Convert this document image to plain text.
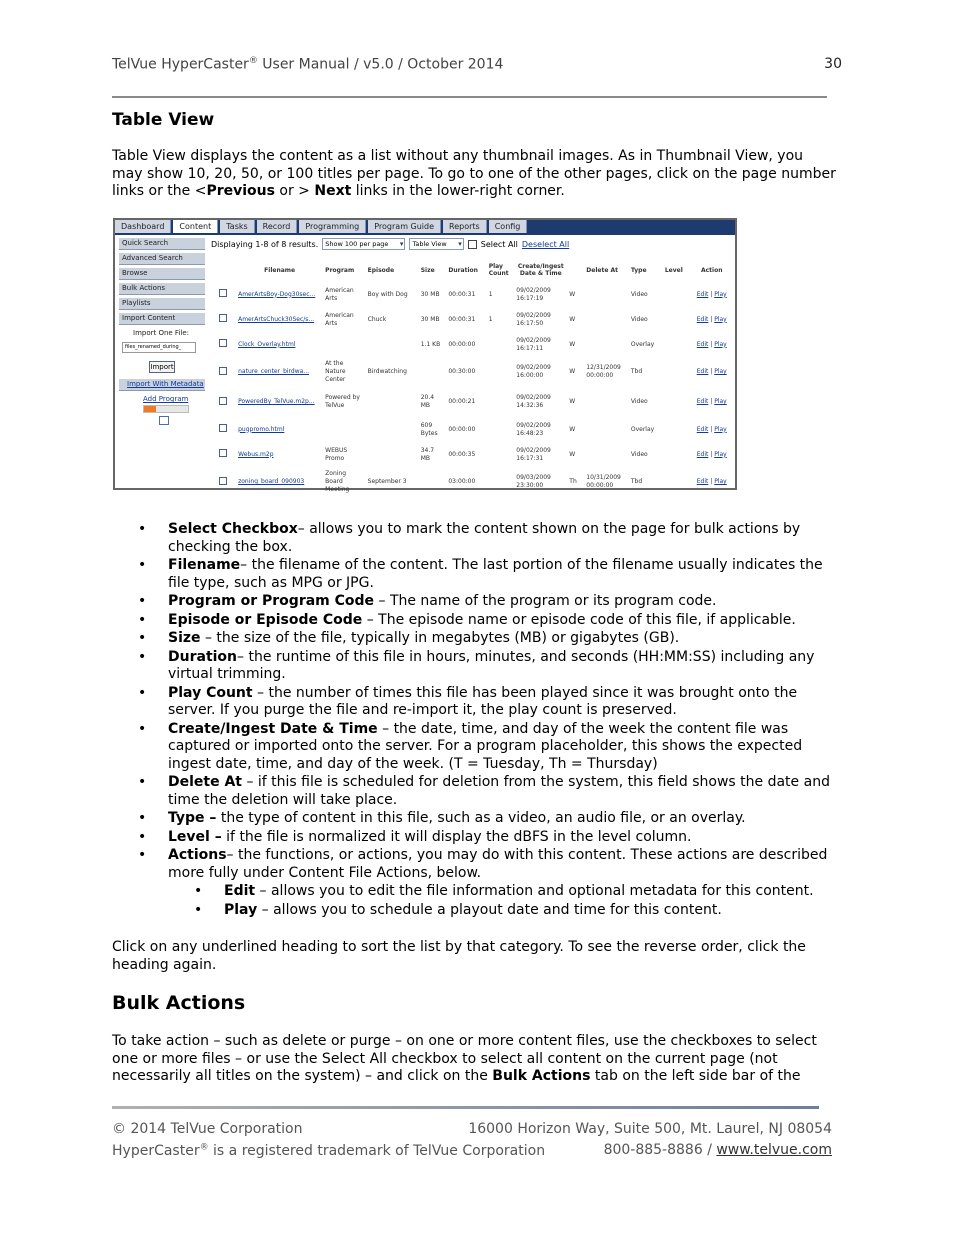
TelVue HyperCaster® User Manual / v5.0 / October 2014	30
Table View

Table View displays the content as a list without any thumbnail images. As in Thumbnail View, you may show 10, 20, 50, or 100 titles per page. To go to one of the other pages, click on the page number links or the <Previous or > Next links in the lower-right corner.

Dashboard	Content	Tasks	Record	Programming	Program Guide	Reports	Config
Quick Search
Advanced Search
Browse
Bulk Actions
Playlists
Import Content
Import One File:
files_renamed_during_
Import
Import With Metadata
Add Program
Displaying 1-8 of 8 results.	Show 100 per page ▾	Table View ▾	Select All Deselect All
	Filename	Program	Episode	Size	Duration	Play Count	Create/Ingest Date & Time		Delete At	Type	Level	Action
	AmerArtsBoy-Dog30sec...	American Arts	Boy with Dog	30 MB	00:00:31	1	09/02/2009 16:17:19	W		Video		Edit | Play
	AmerArtsChuck30Sec/s...	American Arts	Chuck	30 MB	00:00:31	1	09/02/2009 16:17:50	W		Video		Edit | Play
	Clock_Overlay.html			1.1 KB	00:00:00		09/02/2009 16:17:11	W		Overlay		Edit | Play
	nature_center_birdwa...	At the Nature Center	Birdwatching		00:30:00		09/02/2009 16:00:00	W	12/31/2009 00:00:00	Tbd		Edit | Play
	PoweredBy_TelVue.m2p...	Powered by TelVue		20.4 MB	00:00:21		09/02/2009 14:32:36	W		Video		Edit | Play
	pugpromo.html			609 Bytes	00:00:00		09/02/2009 16:48:23	W		Overlay		Edit | Play
	Webus.m2p	WEBUS Promo		34.7 MB	00:00:35		09/02/2009 16:17:31	W		Video		Edit | Play
	zoning_board_090903	Zoning Board Meeting	September 3		03:00:00		09/03/2009 23:30:00	Th	10/31/2009 00:00:00	Tbd		Edit | Play
• Select Checkbox– allows you to mark the content shown on the page for bulk actions by checking the box.
• Filename– the filename of the content. The last portion of the filename usually indicates the file type, such as MPG or JPG.
• Program or Program Code – The name of the program or its program code.
• Episode or Episode Code – The episode name or episode code of this file, if applicable.
• Size – the size of the file, typically in megabytes (MB) or gigabytes (GB).
• Duration– the runtime of this file in hours, minutes, and seconds (HH:MM:SS) including any virtual trimming.
• Play Count – the number of times this file has been played since it was brought onto the server. If you purge the file and re-import it, the play count is preserved.
• Create/Ingest Date & Time – the date, time, and day of the week the content file was captured or imported onto the server. For a program placeholder, this shows the expected ingest date, time, and day of the week. (T = Tuesday, Th = Thursday)
• Delete At – if this file is scheduled for deletion from the system, this field shows the date and time the deletion will take place.
• Type – the type of content in this file, such as a video, an audio file, or an overlay.
• Level – if the file is normalized it will display the dBFS in the level column.
• Actions– the functions, or actions, you may do with this content. These actions are described more fully under Content File Actions, below.
• Edit – allows you to edit the file information and optional metadata for this content.
• Play – allows you to schedule a playout date and time for this content.

Click on any underlined heading to sort the list by that category. To see the reverse order, click the heading again.

Bulk Actions

To take action – such as delete or purge – on one or more content files, use the checkboxes to select one or more files – or use the Select All checkbox to select all content on the current page (not necessarily all titles on the system) – and click on the Bulk Actions tab on the left side bar of the

© 2014 TelVue Corporation	16000 Horizon Way, Suite 500, Mt. Laurel, NJ 08054
HyperCaster® is a registered trademark of TelVue Corporation	800-885-8886 / www.telvue.com
